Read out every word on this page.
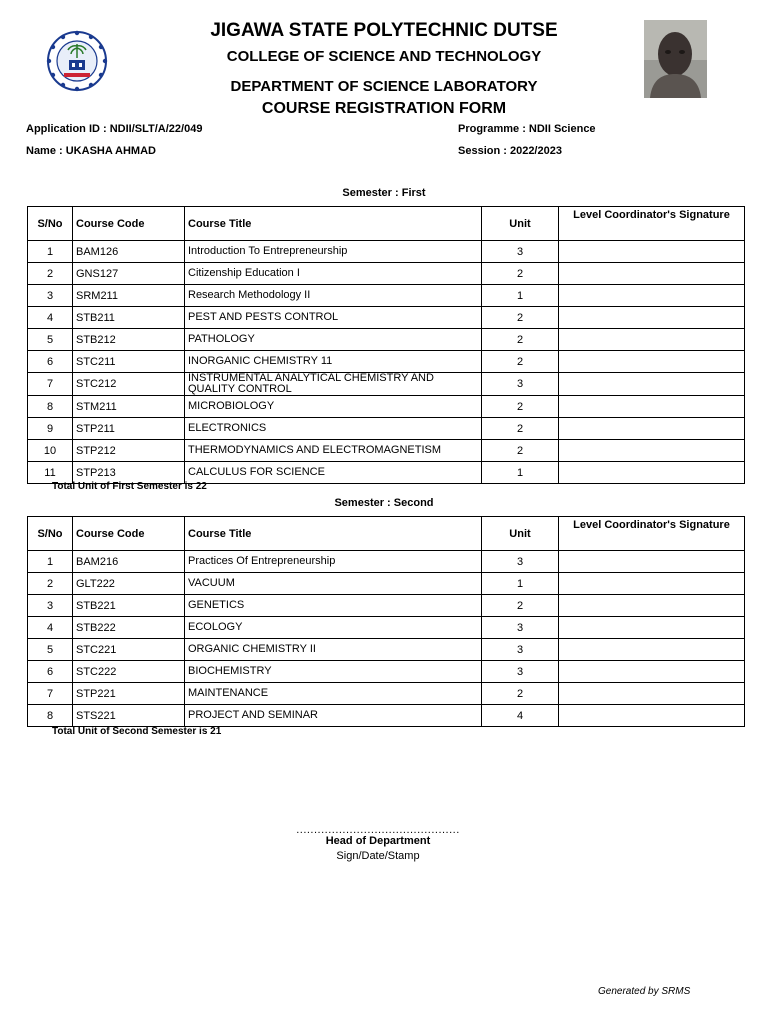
JIGAWA STATE POLYTECHNIC DUTSE
COLLEGE OF SCIENCE AND TECHNOLOGY
DEPARTMENT OF SCIENCE LABORATORY
COURSE REGISTRATION FORM
Application ID : NDII/SLT/A/22/049
Name : UKASHA AHMAD
Programme : NDII Science
Session : 2022/2023
Semester : First
S/No	Course Code	Course Title	Unit	Level Coordinator's Signature
1	BAM126	Introduction To Entrepreneurship	3	
2	GNS127	Citizenship Education I	2	
3	SRM211	Research Methodology II	1	
4	STB211	PEST AND PESTS CONTROL	2	
5	STB212	PATHOLOGY	2	
6	STC211	INORGANIC CHEMISTRY 11	2	
7	STC212	INSTRUMENTAL ANALYTICAL CHEMISTRY AND QUALITY CONTROL	3	
8	STM211	MICROBIOLOGY	2	
9	STP211	ELECTRONICS	2	
10	STP212	THERMODYNAMICS AND ELECTROMAGNETISM	2	
11	STP213	CALCULUS FOR SCIENCE	1	
Total Unit of First Semester is 22
Semester : Second
S/No	Course Code	Course Title	Unit	Level Coordinator's Signature
1	BAM216	Practices Of Entrepreneurship	3	
2	GLT222	VACUUM	1	
3	STB221	GENETICS	2	
4	STB222	ECOLOGY	3	
5	STC221	ORGANIC CHEMISTRY II	3	
6	STC222	BIOCHEMISTRY	3	
7	STP221	MAINTENANCE	2	
8	STS221	PROJECT AND SEMINAR	4	
Total Unit of Second Semester is 21
..............................................
Head of Department
Sign/Date/Stamp
Generated by SRMS
